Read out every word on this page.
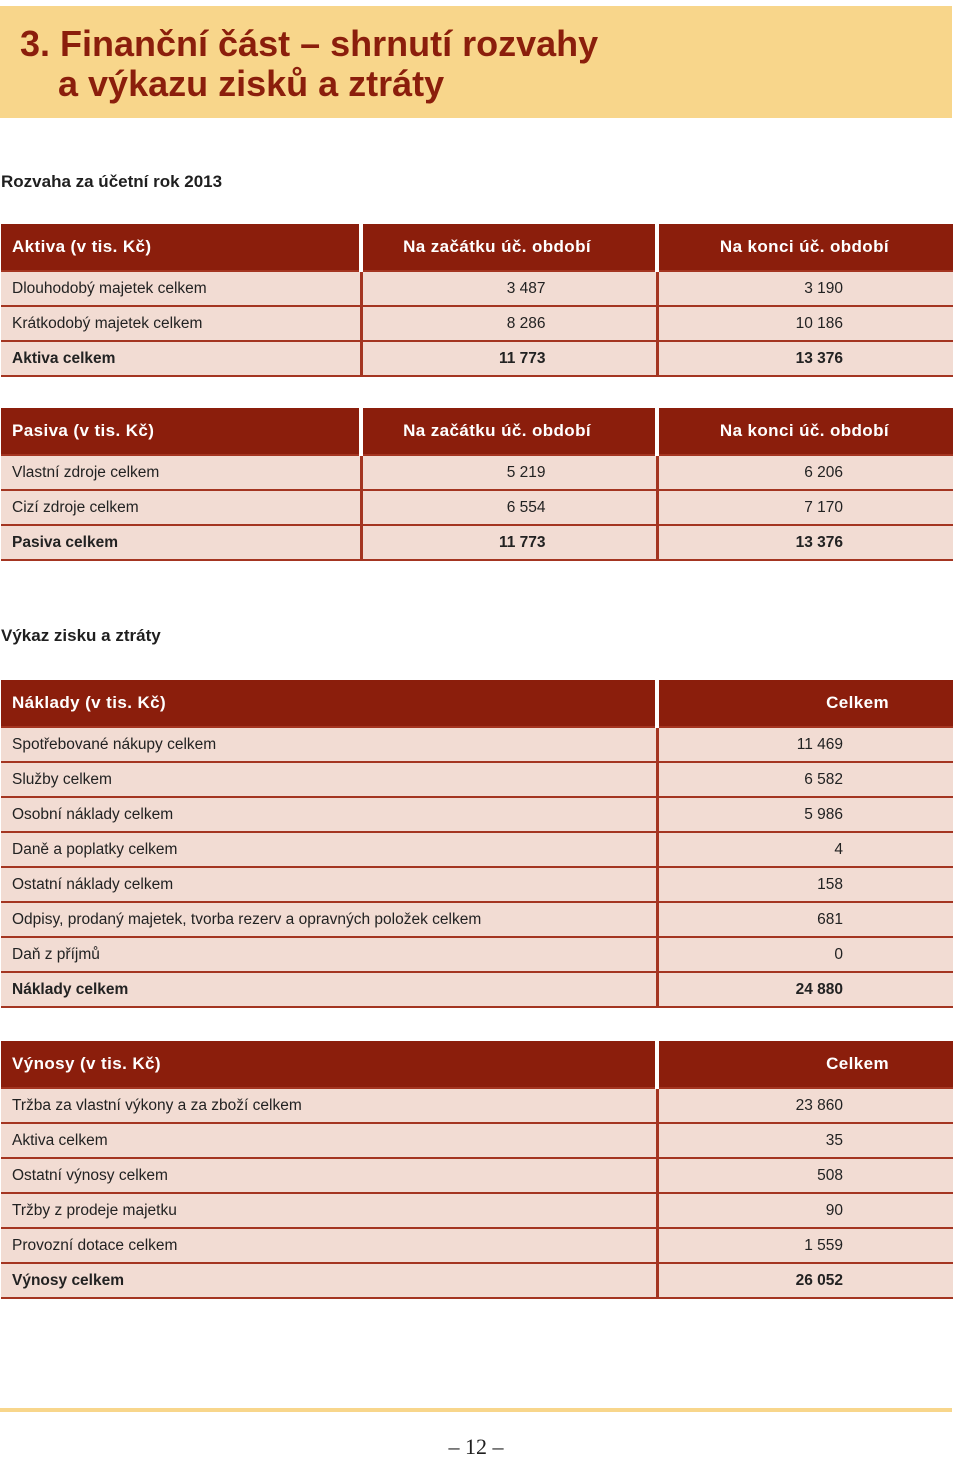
3. Finanční část – shrnutí rozvahy
a výkazu zisků a ztráty
Rozvaha za účetní rok 2013
Aktiva (v tis. Kč)	Na začátku úč. období	Na konci úč. období
Dlouhodobý majetek celkem	3 487	3 190
Krátkodobý majetek celkem	8 286	10 186
Aktiva celkem	11 773	13 376
Pasiva (v tis. Kč)	Na začátku úč. období	Na konci úč. období
Vlastní zdroje celkem	5 219	6 206
Cizí zdroje celkem	6 554	7 170
Pasiva celkem	11 773	13 376
Výkaz zisku a ztráty
Náklady (v tis. Kč)	Celkem
Spotřebované nákupy celkem	11 469
Služby celkem	6 582
Osobní náklady celkem	5 986
Daně a poplatky celkem	4
Ostatní náklady celkem	158
Odpisy, prodaný majetek, tvorba rezerv a opravných položek celkem	681
Daň z příjmů	0
Náklady celkem	24 880
Výnosy (v tis. Kč)	Celkem
Tržba za vlastní výkony a za zboží celkem	23 860
Aktiva celkem	35
Ostatní výnosy celkem	508
Tržby z prodeje majetku	90
Provozní dotace celkem	1 559
Výnosy celkem	26 052

– 12 –
